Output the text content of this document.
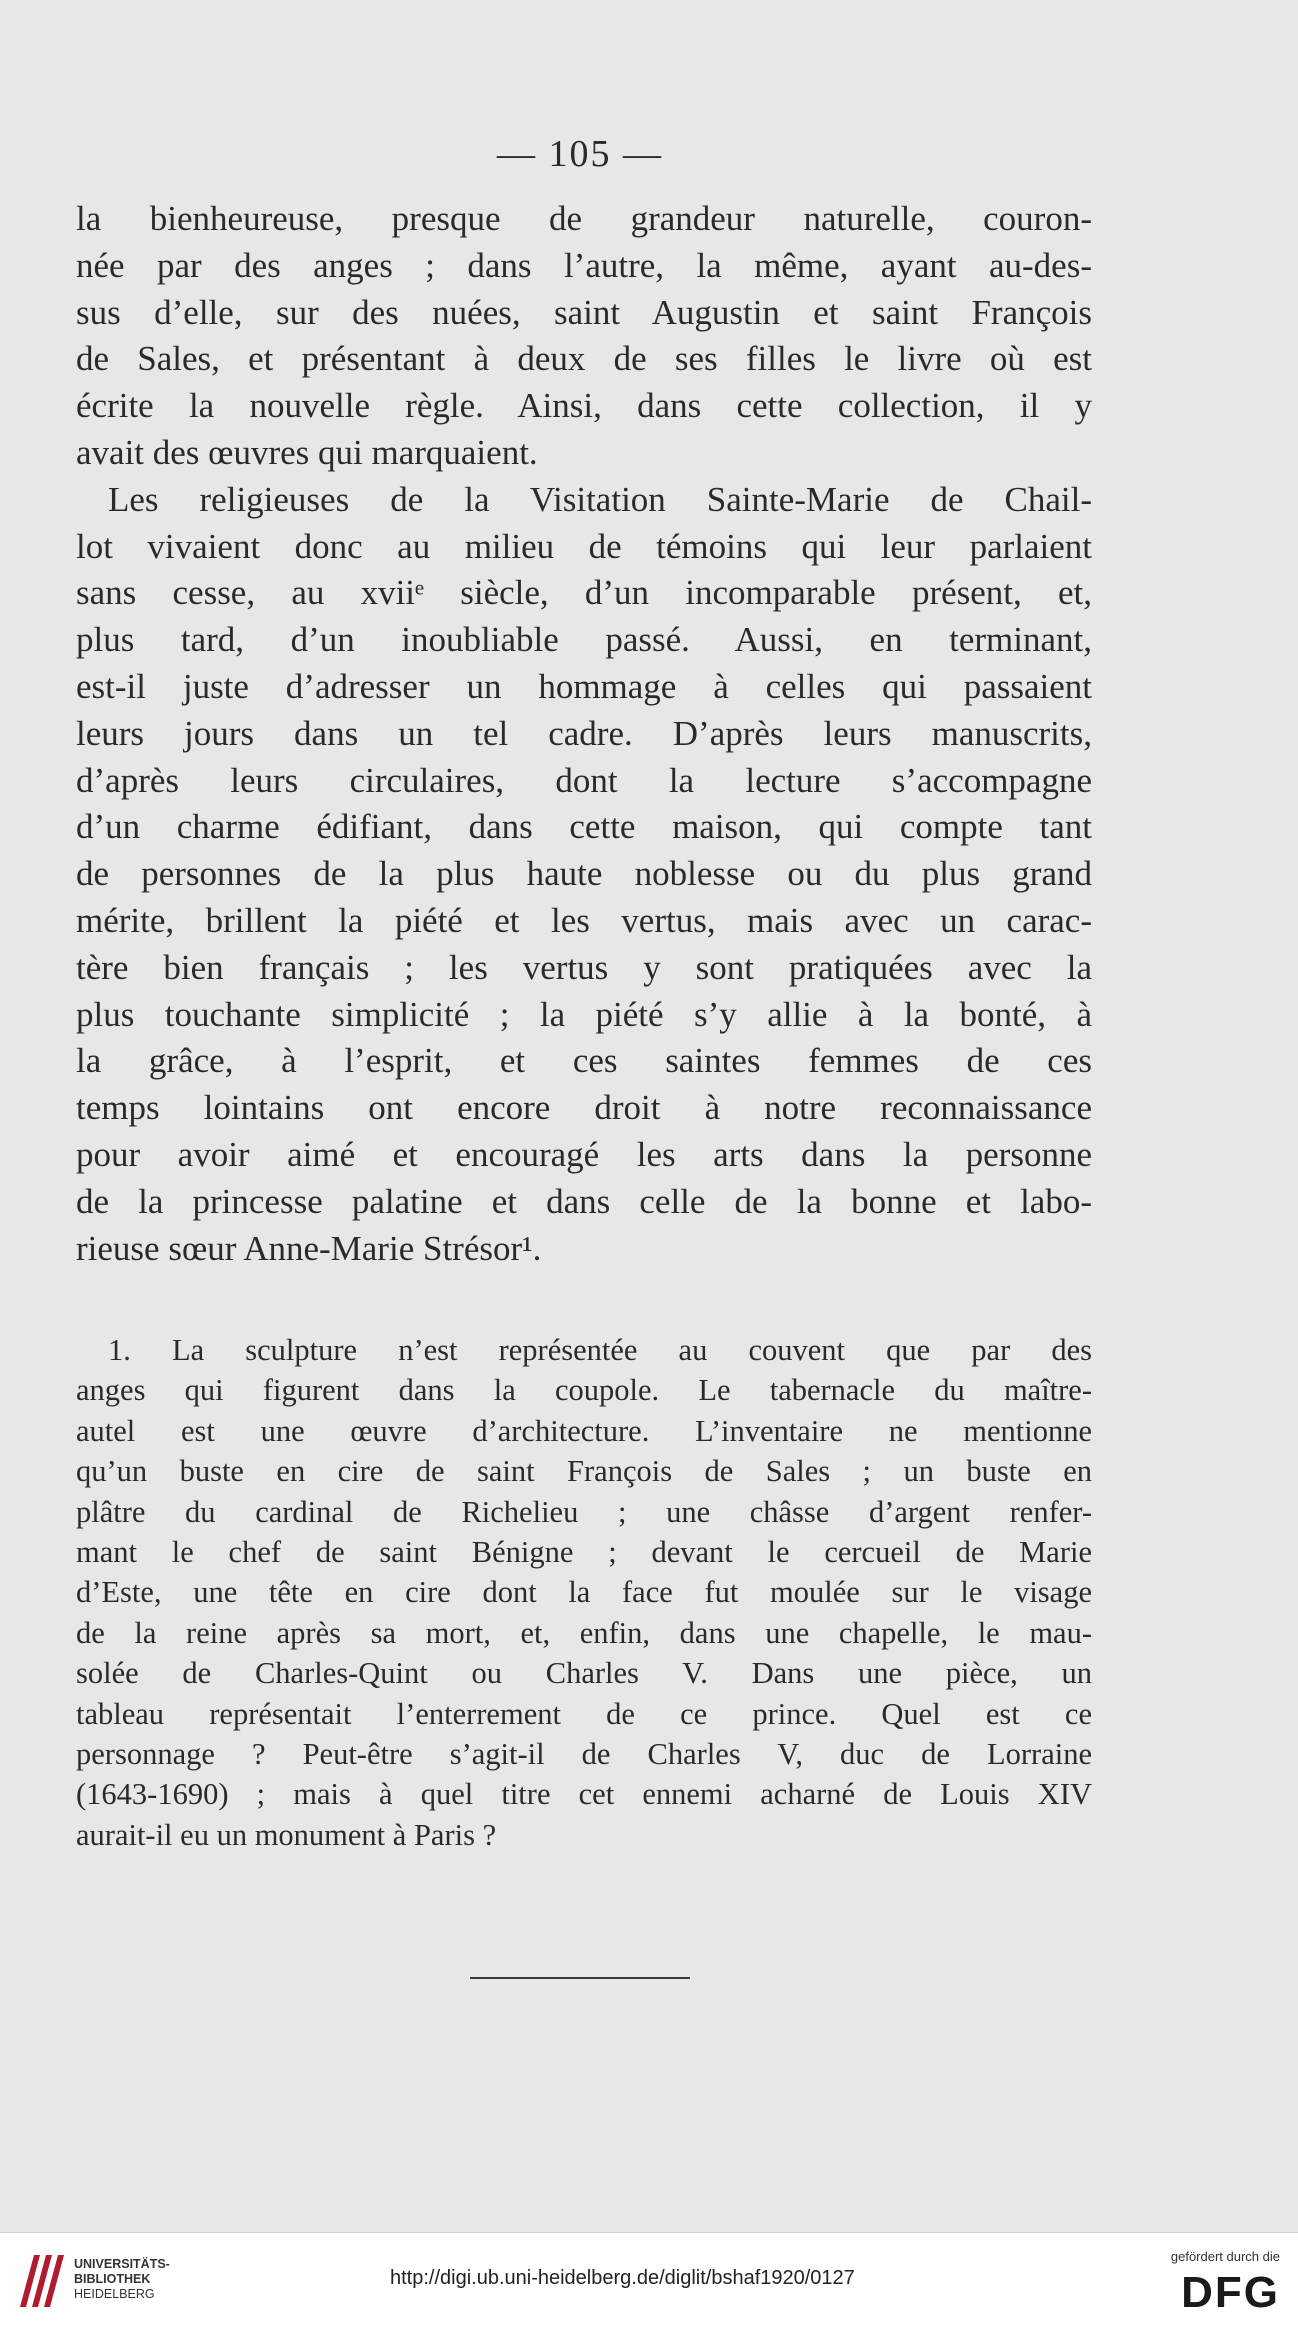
— 105 —
la bienheureuse, presque de grandeur naturelle, couron-
née par des anges ; dans l’autre, la même, ayant au-des-
sus d’elle, sur des nuées, saint Augustin et saint François
de Sales, et présentant à deux de ses filles le livre où est
écrite la nouvelle règle. Ainsi, dans cette collection, il y
avait des œuvres qui marquaient.
Les religieuses de la Visitation Sainte-Marie de Chail-
lot vivaient donc au milieu de témoins qui leur parlaient
sans cesse, au xviiᵉ siècle, d’un incomparable présent, et,
plus tard, d’un inoubliable passé. Aussi, en terminant,
est-il juste d’adresser un hommage à celles qui passaient
leurs jours dans un tel cadre. D’après leurs manuscrits,
d’après leurs circulaires, dont la lecture s’accompagne
d’un charme édifiant, dans cette maison, qui compte tant
de personnes de la plus haute noblesse ou du plus grand
mérite, brillent la piété et les vertus, mais avec un carac-
tère bien français ; les vertus y sont pratiquées avec la
plus touchante simplicité ; la piété s’y allie à la bonté, à
la grâce, à l’esprit, et ces saintes femmes de ces
temps lointains ont encore droit à notre reconnaissance
pour avoir aimé et encouragé les arts dans la personne
de la princesse palatine et dans celle de la bonne et labo-
rieuse sœur Anne-Marie Strésor¹.
1. La sculpture n’est représentée au couvent que par des
anges qui figurent dans la coupole. Le tabernacle du maître-
autel est une œuvre d’architecture. L’inventaire ne mentionne
qu’un buste en cire de saint François de Sales ; un buste en
plâtre du cardinal de Richelieu ; une châsse d’argent renfer-
mant le chef de saint Bénigne ; devant le cercueil de Marie
d’Este, une tête en cire dont la face fut moulée sur le visage
de la reine après sa mort, et, enfin, dans une chapelle, le mau-
solée de Charles-Quint ou Charles V. Dans une pièce, un
tableau représentait l’enterrement de ce prince. Quel est ce
personnage ? Peut-être s’agit-il de Charles V, duc de Lorraine
(1643-1690) ; mais à quel titre cet ennemi acharné de Louis XIV
aurait-il eu un monument à Paris ?
UNIVERSITÄTS-
BIBLIOTHEK
HEIDELBERG
http://digi.ub.uni-heidelberg.de/diglit/bshaf1920/0127
gefördert durch die
DFG
